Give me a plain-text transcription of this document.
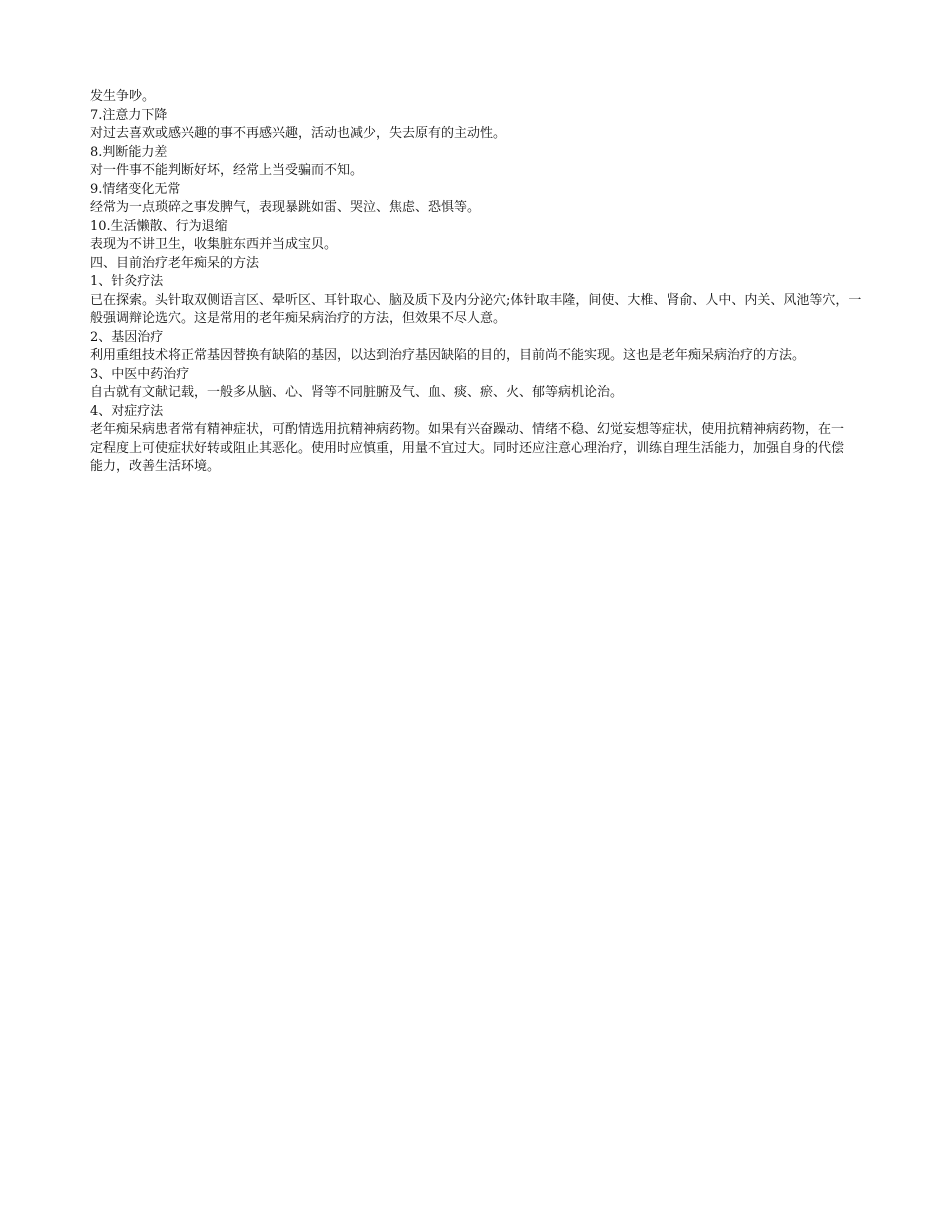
发生争吵。

7.注意力下降

对过去喜欢或感兴趣的事不再感兴趣，活动也减少，失去原有的主动性。

8.判断能力差

对一件事不能判断好坏，经常上当受骗而不知。

9.情绪变化无常

经常为一点琐碎之事发脾气，表现暴跳如雷、哭泣、焦虑、恐惧等。

10.生活懒散、行为退缩

表现为不讲卫生，收集脏东西并当成宝贝。

四、目前治疗老年痴呆的方法

1、针灸疗法

已在探索。头针取双侧语言区、晕听区、耳针取心、脑及质下及内分泌穴;体针取丰隆，间使、大椎、肾俞、人中、内关、风池等穴，一般强调辩论选穴。这是常用的老年痴呆病治疗的方法，但效果不尽人意。

2、基因治疗

利用重组技术将正常基因替换有缺陷的基因，以达到治疗基因缺陷的目的，目前尚不能实现。这也是老年痴呆病治疗的方法。

3、中医中药治疗

自古就有文献记载，一般多从脑、心、肾等不同脏腑及气、血、痰、瘀、火、郁等病机论治。

4、对症疗法

老年痴呆病患者常有精神症状，可酌情选用抗精神病药物。如果有兴奋躁动、情绪不稳、幻觉妄想等症状，使用抗精神病药物，在一定程度上可使症状好转或阻止其恶化。使用时应慎重，用量不宜过大。同时还应注意心理治疗，训练自理生活能力，加强自身的代偿能力，改善生活环境。
